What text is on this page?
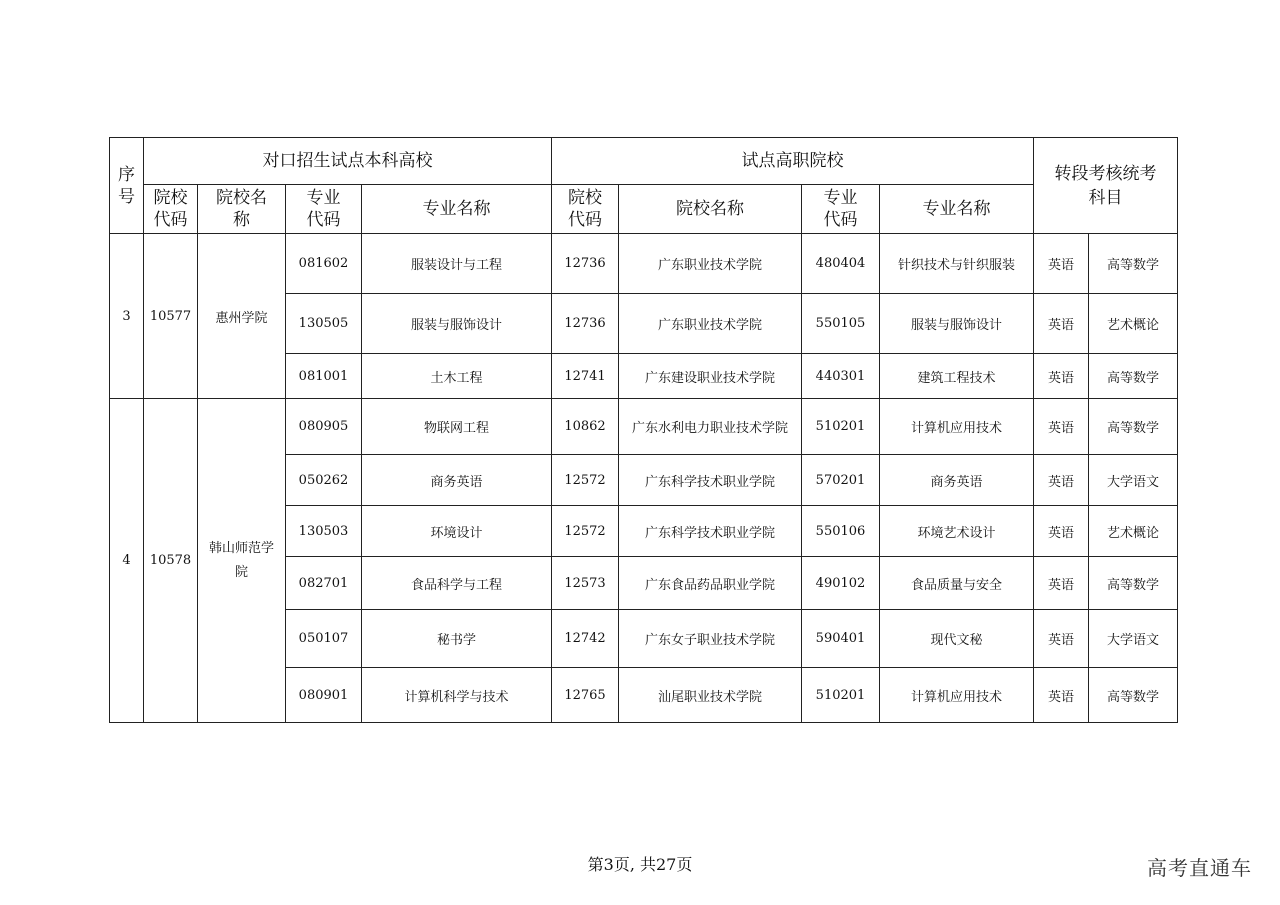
序号	对口招生试点本科高校				试点高职院校				转段考核统考科目	
	院校代码	院校名称	专业代码	专业名称	院校代码	院校名称	专业代码	专业名称		
3	10577	惠州学院	081602	服装设计与工程	12736	广东职业技术学院	480404	针织技术与针织服装	英语	高等数学
			130505	服装与服饰设计	12736	广东职业技术学院	550105	服装与服饰设计	英语	艺术概论
			081001	土木工程	12741	广东建设职业技术学院	440301	建筑工程技术	英语	高等数学
4	10578	韩山师范学院	080905	物联网工程	10862	广东水利电力职业技术学院	510201	计算机应用技术	英语	高等数学
			050262	商务英语	12572	广东科学技术职业学院	570201	商务英语	英语	大学语文
			130503	环境设计	12572	广东科学技术职业学院	550106	环境艺术设计	英语	艺术概论
			082701	食品科学与工程	12573	广东食品药品职业学院	490102	食品质量与安全	英语	高等数学
			050107	秘书学	12742	广东女子职业技术学院	590401	现代文秘	英语	大学语文
			080901	计算机科学与技术	12765	汕尾职业技术学院	510201	计算机应用技术	英语	高等数学
第3页, 共27页	高考直通车
